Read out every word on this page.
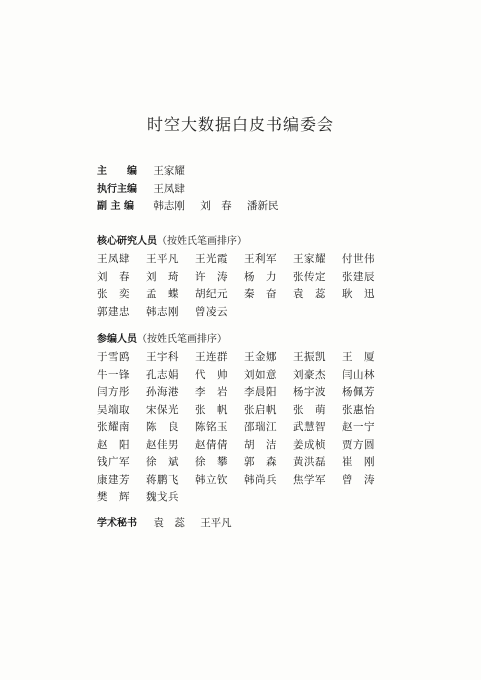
时空大数据白皮书编委会
主　　编 王家耀
执行主编 王凤肆
副 主 编 韩志刚 刘　春 潘新民
核心研究人员（按姓氏笔画排序）
王凤肆	王平凡	王光霞	王利军	王家耀	付世伟
刘　春	刘　琦	许　涛	杨　力	张传定	张建辰
张　奕	孟　蝶	胡纪元	秦　奋	袁　蕊	耿　迅
郭建忠	韩志刚	曾凌云
参编人员（按姓氏笔画排序）
于雪鸥	王宇科	王连群	王金娜	王振凯	王　厦
牛一锋	孔志娟	代　帅	刘如意	刘豪杰	闫山林
闫方彤	孙海港	李　岩	李晨阳	杨宇波	杨佩芳
吴端取	宋保光	张　帆	张启帆	张　萌	张惠怡
张耀南	陈　良	陈铭玉	邵瑞江	武慧智	赵一宁
赵　阳	赵佳男	赵倩倩	胡　洁	姜成桢	贾方圆
钱广军	徐　斌	徐　攀	郭　森	黄洪磊	崔　刚
康建芳	蒋鹏飞	韩立钦	韩尚兵	焦学军	曾　涛
樊　辉	魏戈兵
学术秘书 袁　蕊 王平凡
